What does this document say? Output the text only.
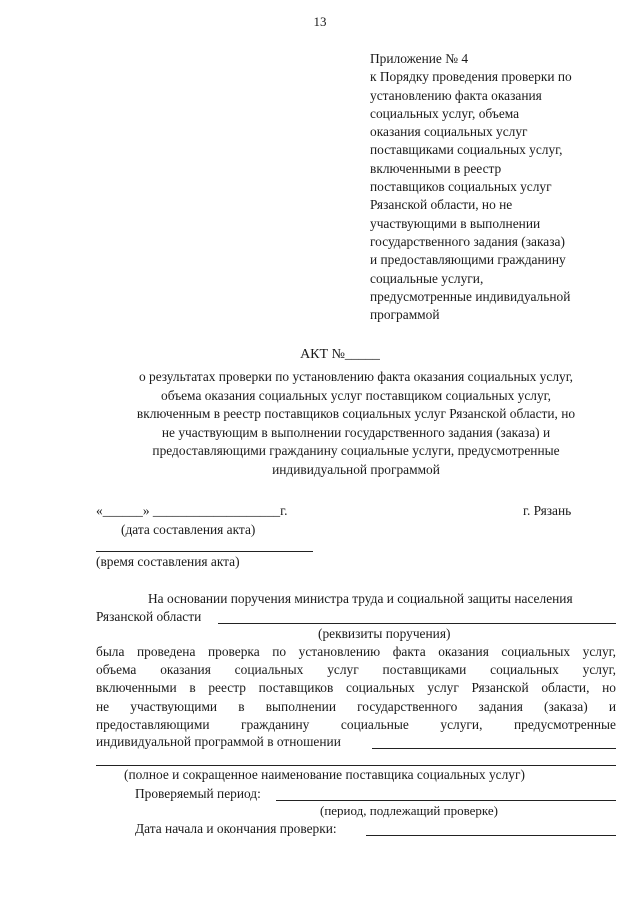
13
Приложение № 4
к Порядку проведения проверки по
установлению факта оказания
социальных услуг, объема
оказания социальных услуг
поставщиками социальных услуг,
включенными в реестр
поставщиков социальных услуг
Рязанской области, но не
участвующими в выполнении
государственного задания (заказа)
и предоставляющими гражданину
социальные услуги,
предусмотренные индивидуальной
программой
АКТ №_____
о результатах проверки по установлению факта оказания социальных услуг,
объема оказания социальных услуг поставщиком социальных услуг,
включенным в реестр поставщиков социальных услуг Рязанской области, но
не участвующим в выполнении государственного задания (заказа) и
предоставляющими гражданину социальные услуги, предусмотренные
индивидуальной программой
«______» ___________________г.	г. Рязань
(дата составления акта)
(время составления акта)
На основании поручения министра труда и социальной защиты населения
Рязанской области
(реквизиты поручения)
была проведена проверка по установлению факта оказания социальных услуг,
объема оказания социальных услуг поставщиками социальных услуг,
включенными в реестр поставщиков социальных услуг Рязанской области, но
не участвующими в выполнении государственного задания (заказа) и
предоставляющими гражданину социальные услуги, предусмотренные
индивидуальной программой в отношении
(полное и сокращенное наименование поставщика социальных услуг)
Проверяемый период:
(период, подлежащий проверке)
Дата начала и окончания проверки:
